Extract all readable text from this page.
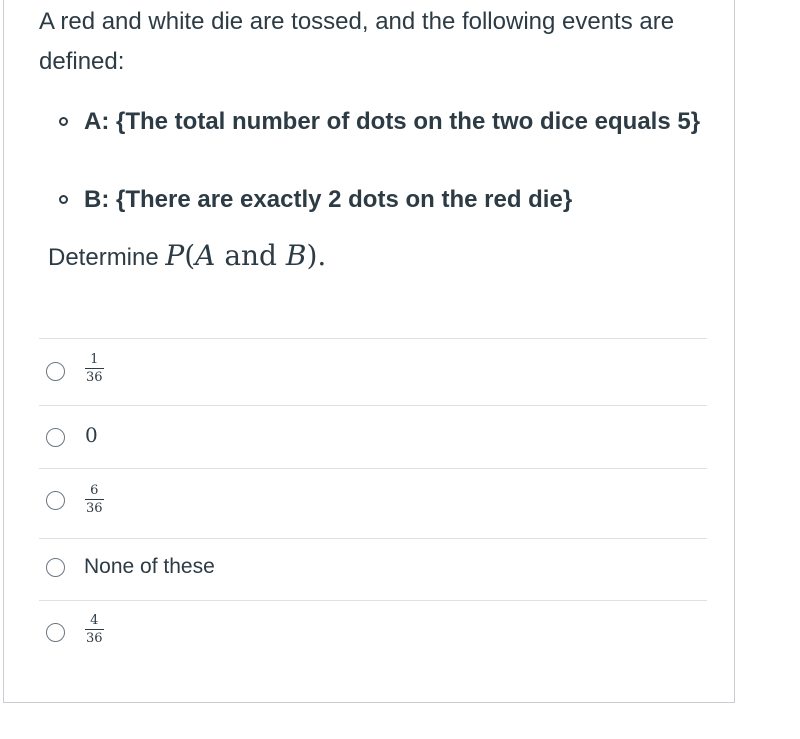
A red and white die are tossed, and the following events are defined:
A: {The total number of dots on the two dice equals 5}
B: {There are exactly 2 dots on the red die}
Determine P(A and B).
1
36
0
6
36
None of these
4
36
